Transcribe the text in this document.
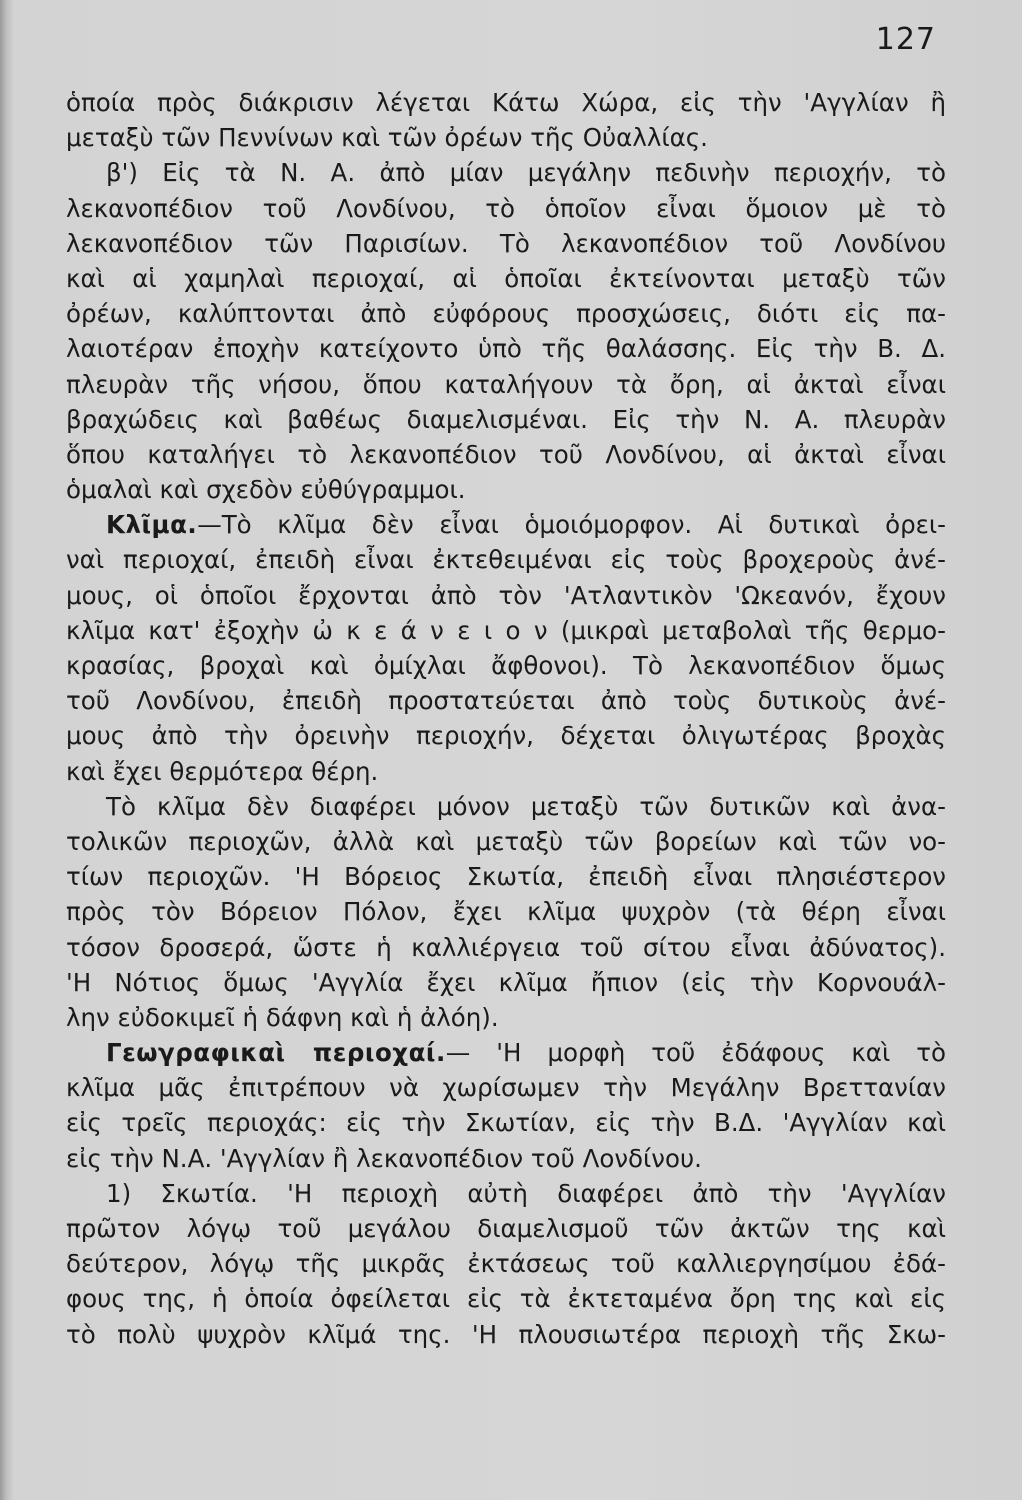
127
ὁποία πρὸς διάκρισιν λέγεται Κάτω Χώρα, εἰς τὴν 'Αγγλίαν ἢ
μεταξὺ τῶν Πεννίνων καὶ τῶν ὀρέων τῆς Οὐαλλίας.
β') Εἰς τὰ Ν. Α. ἀπὸ μίαν μεγάλην πεδινὴν περιοχήν, τὸ
λεκανοπέδιον τοῦ Λονδίνου, τὸ ὁποῖον εἶναι ὅμοιον μὲ τὸ
λεκανοπέδιον τῶν Παρισίων. Τὸ λεκανοπέδιον τοῦ Λονδίνου
καὶ αἱ χαμηλαὶ περιοχαί, αἱ ὁποῖαι ἐκτείνονται μεταξὺ τῶν
ὀρέων, καλύπτονται ἀπὸ εὐφόρους προσχώσεις, διότι εἰς πα-
λαιοτέραν ἐποχὴν κατείχοντο ὑπὸ τῆς θαλάσσης. Εἰς τὴν Β. Δ.
πλευρὰν τῆς νήσου, ὅπου καταλήγουν τὰ ὄρη, αἱ ἀκταὶ εἶναι
βραχώδεις καὶ βαθέως διαμελισμέναι. Εἰς τὴν Ν. Α. πλευρὰν
ὅπου καταλήγει τὸ λεκανοπέδιον τοῦ Λονδίνου, αἱ ἀκταὶ εἶναι
ὁμαλαὶ καὶ σχεδὸν εὐθύγραμμοι.
Κλῖμα.—Τὸ κλῖμα δὲν εἶναι ὁμοιόμορφον. Αἱ δυτικαὶ ὀρει-
ναὶ περιοχαί, ἐπειδὴ εἶναι ἐκτεθειμέναι εἰς τοὺς βροχεροὺς ἀνέ-
μους, οἱ ὁποῖοι ἔρχονται ἀπὸ τὸν 'Ατλαντικὸν 'Ωκεανόν, ἔχουν
κλῖμα κατ' ἐξοχὴν ὠ κ ε ά ν ε ι ο ν (μικραὶ μεταβολαὶ τῆς θερμο-
κρασίας, βροχαὶ καὶ ὀμίχλαι ἄφθονοι). Τὸ λεκανοπέδιον ὅμως
τοῦ Λονδίνου, ἐπειδὴ προστατεύεται ἀπὸ τοὺς δυτικοὺς ἀνέ-
μους ἀπὸ τὴν ὀρεινὴν περιοχήν, δέχεται ὀλιγωτέρας βροχὰς
καὶ ἔχει θερμότερα θέρη.
Τὸ κλῖμα δὲν διαφέρει μόνον μεταξὺ τῶν δυτικῶν καὶ ἀνα-
τολικῶν περιοχῶν, ἀλλὰ καὶ μεταξὺ τῶν βορείων καὶ τῶν νο-
τίων περιοχῶν. 'Η Βόρειος Σκωτία, ἐπειδὴ εἶναι πλησιέστερον
πρὸς τὸν Βόρειον Πόλον, ἔχει κλῖμα ψυχρὸν (τὰ θέρη εἶναι
τόσον δροσερά, ὥστε ἡ καλλιέργεια τοῦ σίτου εἶναι ἀδύνατος).
'Η Νότιος ὅμως 'Αγγλία ἔχει κλῖμα ἤπιον (εἰς τὴν Κορνουάλ-
λην εὐδοκιμεῖ ἡ δάφνη καὶ ἡ ἀλόη).
Γεωγραφικαὶ περιοχαί.— 'Η μορφὴ τοῦ ἐδάφους καὶ τὸ
κλῖμα μᾶς ἐπιτρέπουν νὰ χωρίσωμεν τὴν Μεγάλην Βρεττανίαν
εἰς τρεῖς περιοχάς: εἰς τὴν Σκωτίαν, εἰς τὴν Β.Δ. 'Αγγλίαν καὶ
εἰς τὴν Ν.Α. 'Αγγλίαν ἢ λεκανοπέδιον τοῦ Λονδίνου.
1) Σκωτία. 'Η περιοχὴ αὐτὴ διαφέρει ἀπὸ τὴν 'Αγγλίαν
πρῶτον λόγῳ τοῦ μεγάλου διαμελισμοῦ τῶν ἀκτῶν της καὶ
δεύτερον, λόγῳ τῆς μικρᾶς ἐκτάσεως τοῦ καλλιεργησίμου ἐδά-
φους της, ἡ ὁποία ὀφείλεται εἰς τὰ ἐκτεταμένα ὄρη της καὶ εἰς
τὸ πολὺ ψυχρὸν κλῖμά της. 'Η πλουσιωτέρα περιοχὴ τῆς Σκω-
